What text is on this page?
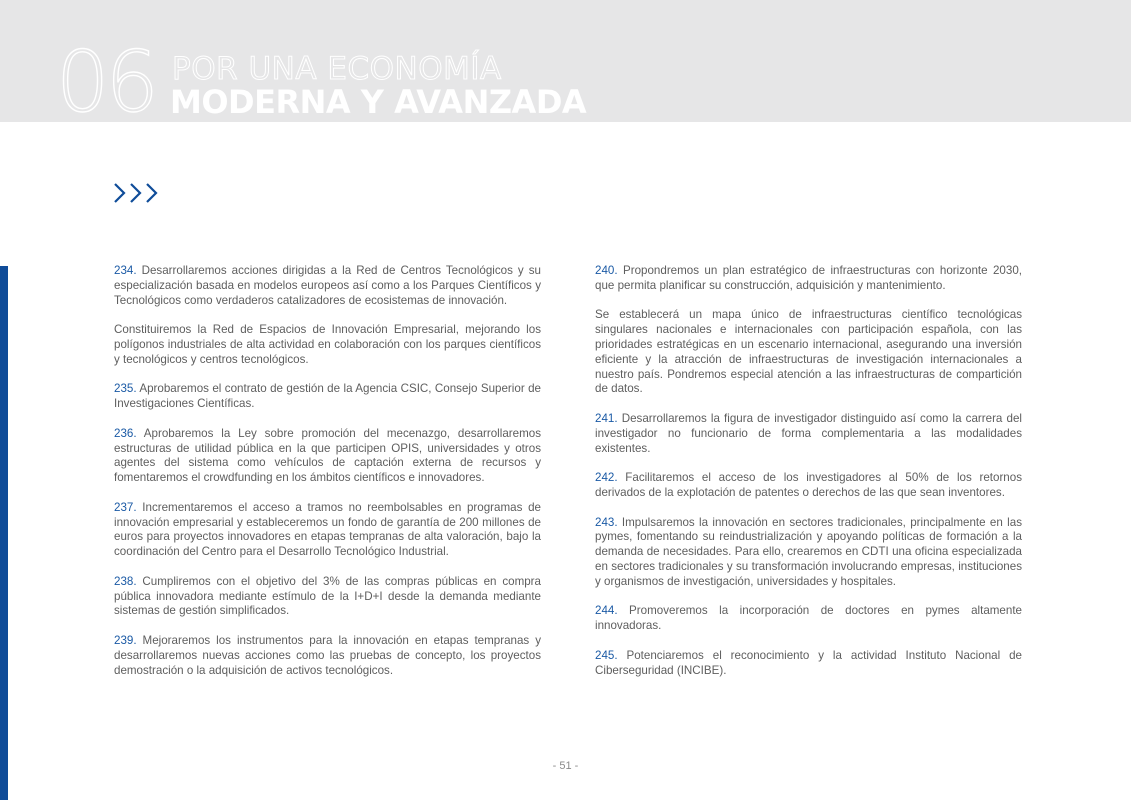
06 POR UNA ECONOMÍA
MODERNA Y AVANZADA

234. Desarrollaremos acciones dirigidas a la Red de Centros Tecnológicos y su especialización basada en modelos europeos así como a los Parques Científicos y Tecnológicos como verdaderos catalizadores de ecosistemas de innovación.

Constituiremos la Red de Espacios de Innovación Empresarial, mejorando los polígonos industriales de alta actividad en colaboración con los parques científicos y tecnológicos y centros tecnológicos.

235. Aprobaremos el contrato de gestión de la Agencia CSIC, Consejo Superior de Investigaciones Científicas.

236. Aprobaremos la Ley sobre promoción del mecenazgo, desarrollaremos estructuras de utilidad pública en la que participen OPIS, universidades y otros agentes del sistema como vehículos de captación externa de recursos y fomentaremos el crowdfunding en los ámbitos científicos e innovadores.

237. Incrementaremos el acceso a tramos no reembolsables en programas de innovación empresarial y estableceremos un fondo de garantía de 200 millones de euros para proyectos innovadores en etapas tempranas de alta valoración, bajo la coordinación del Centro para el Desarrollo Tecnológico Industrial.

238. Cumpliremos con el objetivo del 3% de las compras públicas en compra pública innovadora mediante estímulo de la I+D+I desde la demanda mediante sistemas de gestión simplificados.

239. Mejoraremos los instrumentos para la innovación en etapas tempranas y desarrollaremos nuevas acciones como las pruebas de concepto, los proyectos demostración o la adquisición de activos tecnológicos.

240. Propondremos un plan estratégico de infraestructuras con horizonte 2030, que permita planificar su construcción, adquisición y mantenimiento.

Se establecerá un mapa único de infraestructuras científico tecnológicas singulares nacionales e internacionales con participación española, con las prioridades estratégicas en un escenario internacional, asegurando una inversión eficiente y la atracción de infraestructuras de investigación internacionales a nuestro país. Pondremos especial atención a las infraestructuras de compartición de datos.

241. Desarrollaremos la figura de investigador distinguido así como la carrera del investigador no funcionario de forma complementaria a las modalidades existentes.

242. Facilitaremos el acceso de los investigadores al 50% de los retornos derivados de la explotación de patentes o derechos de las que sean inventores.

243. Impulsaremos la innovación en sectores tradicionales, principalmente en las pymes, fomentando su reindustrialización y apoyando políticas de formación a la demanda de necesidades. Para ello, crearemos en CDTI una oficina especializada en sectores tradicionales y su transformación involucrando empresas, instituciones y organismos de investigación, universidades y hospitales.

244. Promoveremos la incorporación de doctores en pymes altamente innovadoras.

245. Potenciaremos el reconocimiento y la actividad Instituto Nacional de Ciberseguridad (INCIBE).

- 51 -
